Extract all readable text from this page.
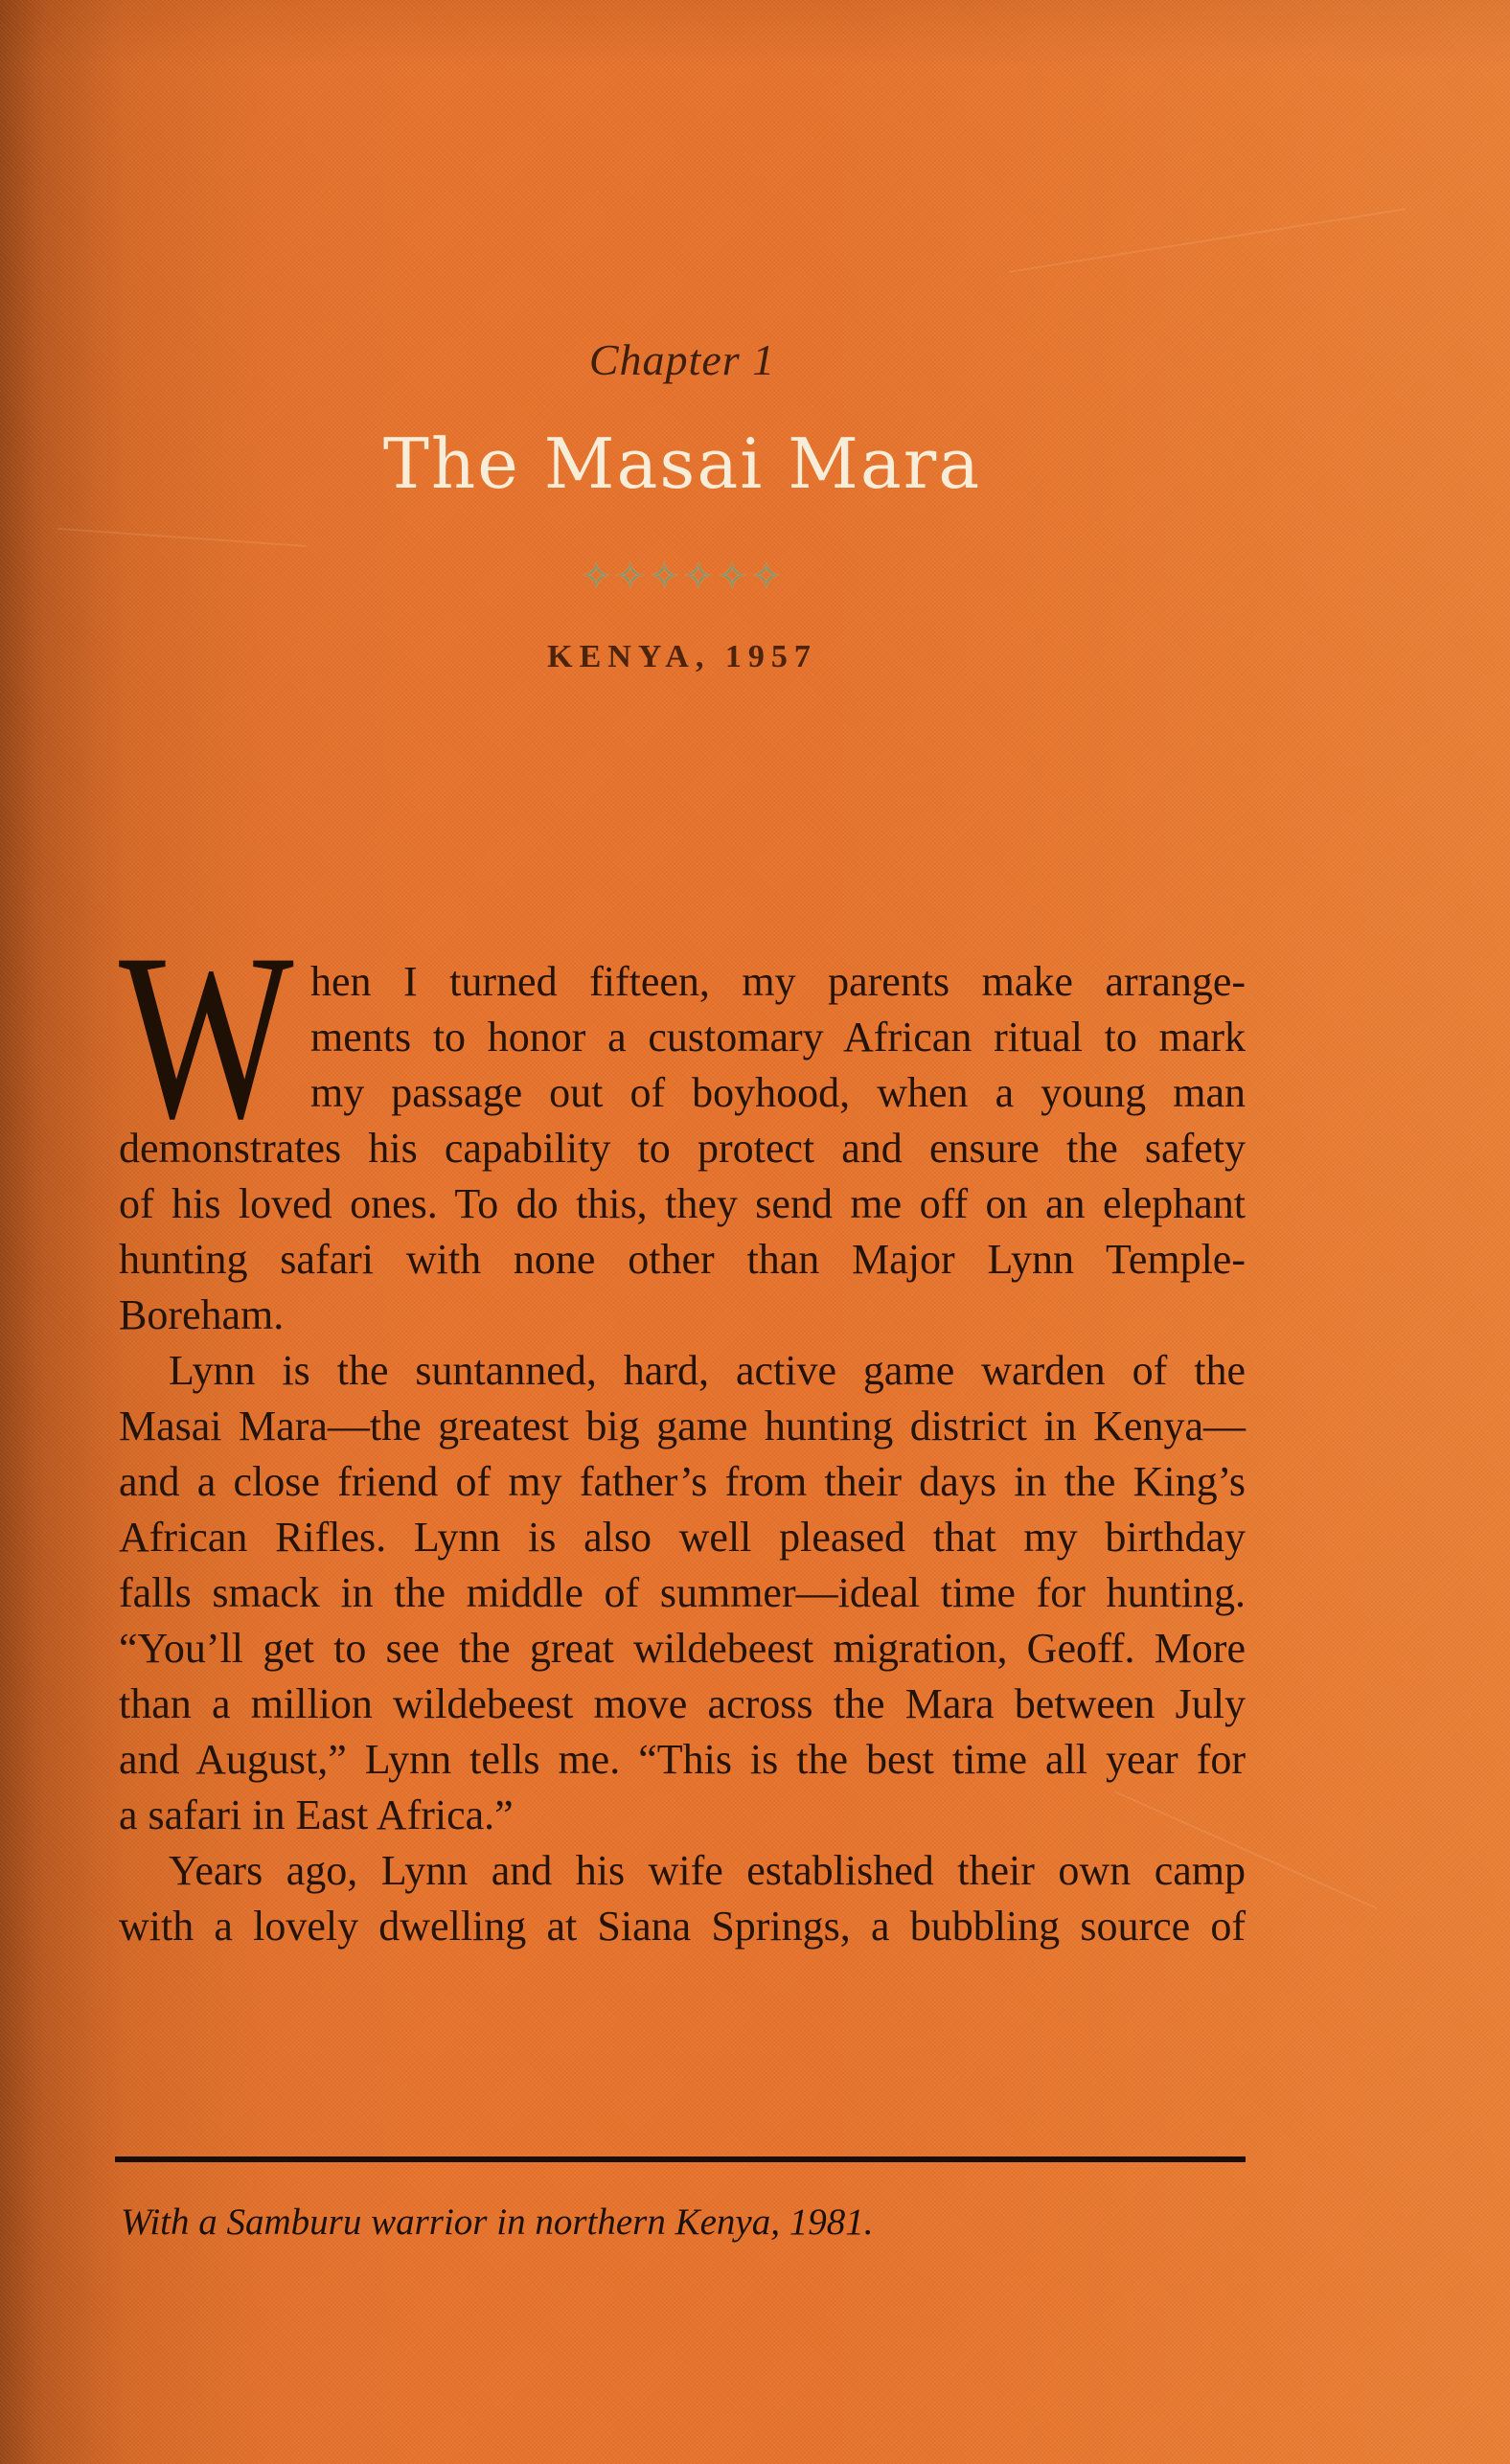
Chapter 1
The Masai Mara
✧✧✧✧✧✧
KENYA, 1957
W hen I turned fifteen, my parents make arrange-
ments to honor a customary African ritual to mark
my passage out of boyhood, when a young man
demonstrates his capability to protect and ensure the safety
of his loved ones. To do this, they send me off on an elephant
hunting safari with none other than Major Lynn Temple-
Boreham.
Lynn is the suntanned, hard, active game warden of the
Masai Mara—the greatest big game hunting district in Kenya—
and a close friend of my father’s from their days in the King’s
African Rifles. Lynn is also well pleased that my birthday
falls smack in the middle of summer—ideal time for hunting.
“You’ll get to see the great wildebeest migration, Geoff. More
than a million wildebeest move across the Mara between July
and August,” Lynn tells me. “This is the best time all year for
a safari in East Africa.”
Years ago, Lynn and his wife established their own camp
with a lovely dwelling at Siana Springs, a bubbling source of
With a Samburu warrior in northern Kenya, 1981.
